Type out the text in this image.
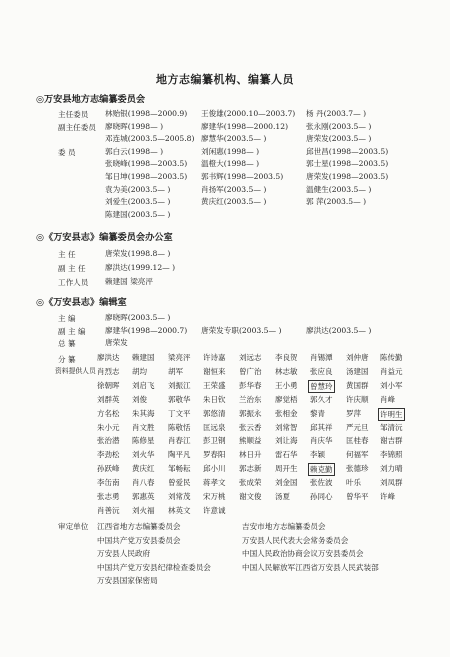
地方志编纂机构、编纂人员
◎万安县地方志编纂委员会
主任委员 林贻银(1998—2000.9) 王俊雄(2000.10—2003.7) 杨 丹(2003.7— )
副主任委员 廖晓晖(1998— )	廖建华(1998—2000.12) 张永刚(2003.5— )
邓连城(2003.5—2005.8) 廖慧华(2003.5— )	唐荣发(2003.5— )
委 员	郭白云(1998— )	刘闲惠(1998— )	邱世昌(1998—2003.5)
张晓峰(1998—2003.5) 温橙大(1998— )	郭士星(1998—2003.5)
邹日坤(1998—2003.5) 郭书辉(1998—2003.5)	唐荣发(1998—2003.5)
袁为美(2003.5— )	肖扬军(2003.5— )	温健生(2003.5— )
刘爱生(2003.5— )	黄庆红(2003.5— )	郭 萍(2003.5— )
陈建国(2003.5— )
◎《万安县志》编纂委员会办公室
主 任	唐荣发(1998.8— )
副 主 任	廖洪达(1999.12— )
工作人员 赖建国 梁亮泙
◎《万安县志》编辑室
主 编	廖晓晖(2003.5— )
副 主 编	廖建华(1998—2000.7) 唐荣发专职(2003.5— )	廖洪达(2003.5— )
总 纂	唐荣发
分 纂
资料提供人员
廖洪达 赖建国 梁亮泙 许诗嘉 刘远志 李良贺 肖锡潭 刘仲唐 陈传勤
肖烈志 胡均	胡军	谢恒来 曾广治 林志敏 张应良 汤建国 肖益元
徐朝晖 刘启飞 刘振江 王荣盛 彭华春 王小勇 曾慧玲 黄国群 刘小军
刘群英 刘俊	郭敬华 朱日钦 兰治东 廖觉梧 郭久才 许庆顺 肖峰
方名松 朱其海 丁文平 郭悠清 郭振永 张相金 黎青	罗萍	许明生
朱小元 肖文胜 陈敬恬 匡远泉 张云香 刘常智 邱其祥 严元旦 邹清沅
张治潜 陈修星 肖春江 彭卫钢 熊顺益 刘让海 肖庆华 匡桂春 谢吉群
李劲松 刘火华 陶平凡 罗春阳 林日升 雷石华 李颖	何福军 李锦照
孙跃峰 黄庆红 邹畅耘 邱小川 郭志新 周开生 赖克勤 张德珍 刘力晴
李缶南 肖八春 曾爱民 蒋孝文 张成荣 刘金国 张佐波 叶乐	刘凤群
张志勇 郭惠英 刘常茂 宋万桃 谢文俊 汤夏	孙同心 曾华平 许峰
肖善沅 刘火福 林英文 许意诚
审定单位 江西省地方志编纂委员会	吉安市地方志编纂委员会
中国共产党万安县委员会	万安县人民代表大会常务委员会
万安县人民政府	中国人民政治协商会议万安县委员会
中国共产党万安县纪律检查委员会	中国人民解放军江西省万安县人民武装部
万安县国家保密局
